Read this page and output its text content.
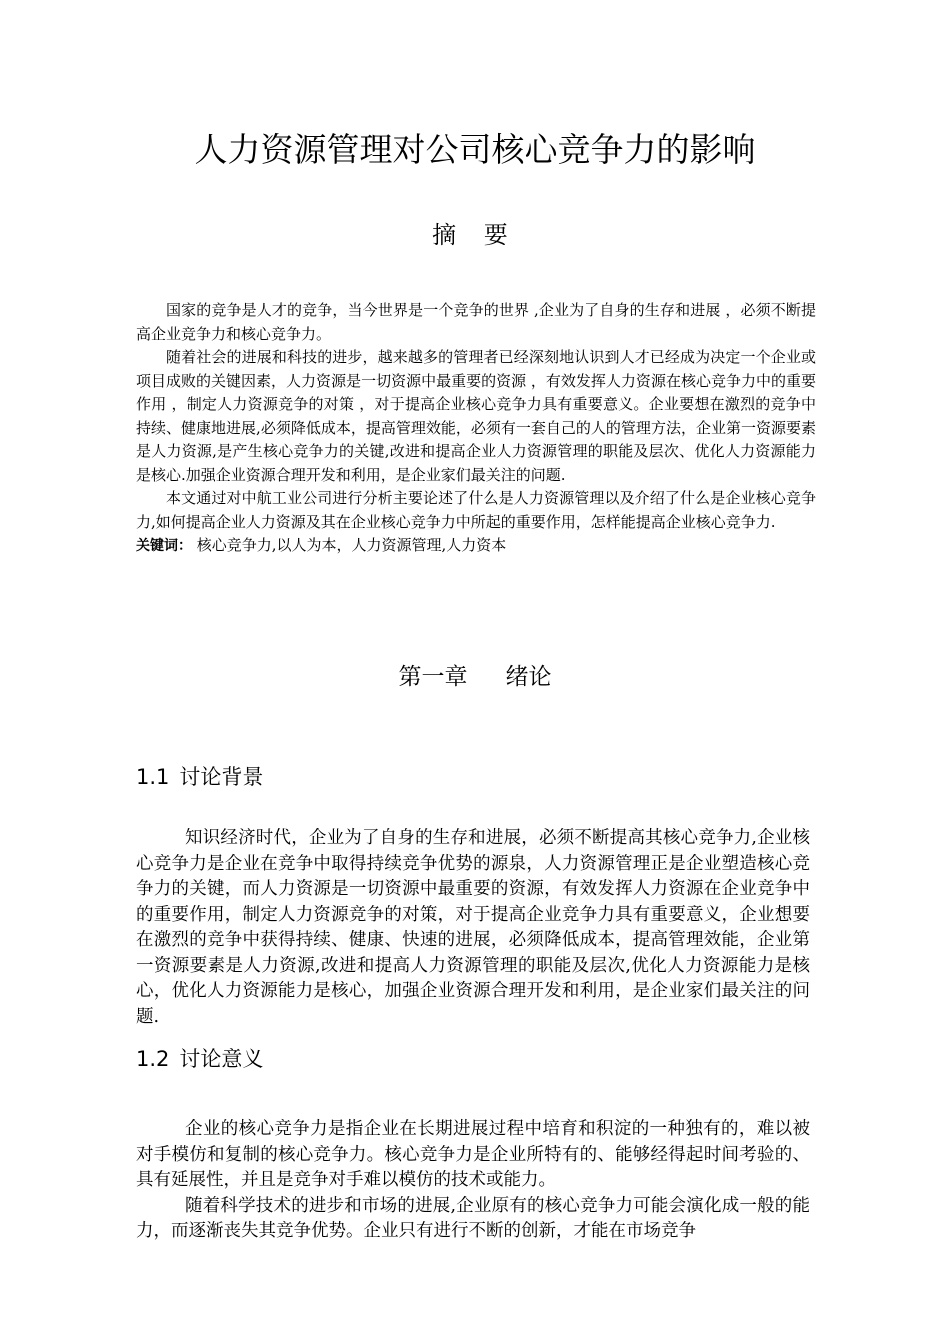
人力资源管理对公司核心竞争力的影响
摘 要

国家的竞争是人才的竞争，当今世界是一个竞争的世界 ,企业为了自身的生存和进展 ，必须不断提高企业竞争力和核心竞争力。

随着社会的进展和科技的进步，越来越多的管理者已经深刻地认识到人才已经成为决定一个企业或项目成败的关键因素，人力资源是一切资源中最重要的资源 ，有效发挥人力资源在核心竞争力中的重要作用 ，制定人力资源竞争的对策 ，对于提高企业核心竞争力具有重要意义。企业要想在激烈的竞争中持续、健康地进展,必须降低成本，提高管理效能，必须有一套自己的人的管理方法，企业第一资源要素是人力资源,是产生核心竞争力的关键,改进和提高企业人力资源管理的职能及层次、优化人力资源能力是核心.加强企业资源合理开发和利用，是企业家们最关注的问题.

本文通过对中航工业公司进行分析主要论述了什么是人力资源管理以及介绍了什么是企业核心竞争力,如何提高企业人力资源及其在企业核心竞争力中所起的重要作用，怎样能提高企业核心竞争力.

关键词： 核心竞争力,以人为本，人力资源管理,人力资本
第一章 绪论
1.1 讨论背景

知识经济时代，企业为了自身的生存和进展，必须不断提高其核心竞争力,企业核心竞争力是企业在竞争中取得持续竞争优势的源泉，人力资源管理正是企业塑造核心竞争力的关键，而人力资源是一切资源中最重要的资源，有效发挥人力资源在企业竞争中的重要作用，制定人力资源竞争的对策，对于提高企业竞争力具有重要意义，企业想要在激烈的竞争中获得持续、健康、快速的进展，必须降低成本，提高管理效能，企业第一资源要素是人力资源,改进和提高人力资源管理的职能及层次,优化人力资源能力是核心，优化人力资源能力是核心，加强企业资源合理开发和利用，是企业家们最关注的问题.

1.2 讨论意义

企业的核心竞争力是指企业在长期进展过程中培育和积淀的一种独有的，难以被对手模仿和复制的核心竞争力。核心竞争力是企业所特有的、能够经得起时间考验的、具有延展性，并且是竞争对手难以模仿的技术或能力。

随着科学技术的进步和市场的进展,企业原有的核心竞争力可能会演化成一般的能力，而逐渐丧失其竞争优势。企业只有进行不断的创新，才能在市场竞争
